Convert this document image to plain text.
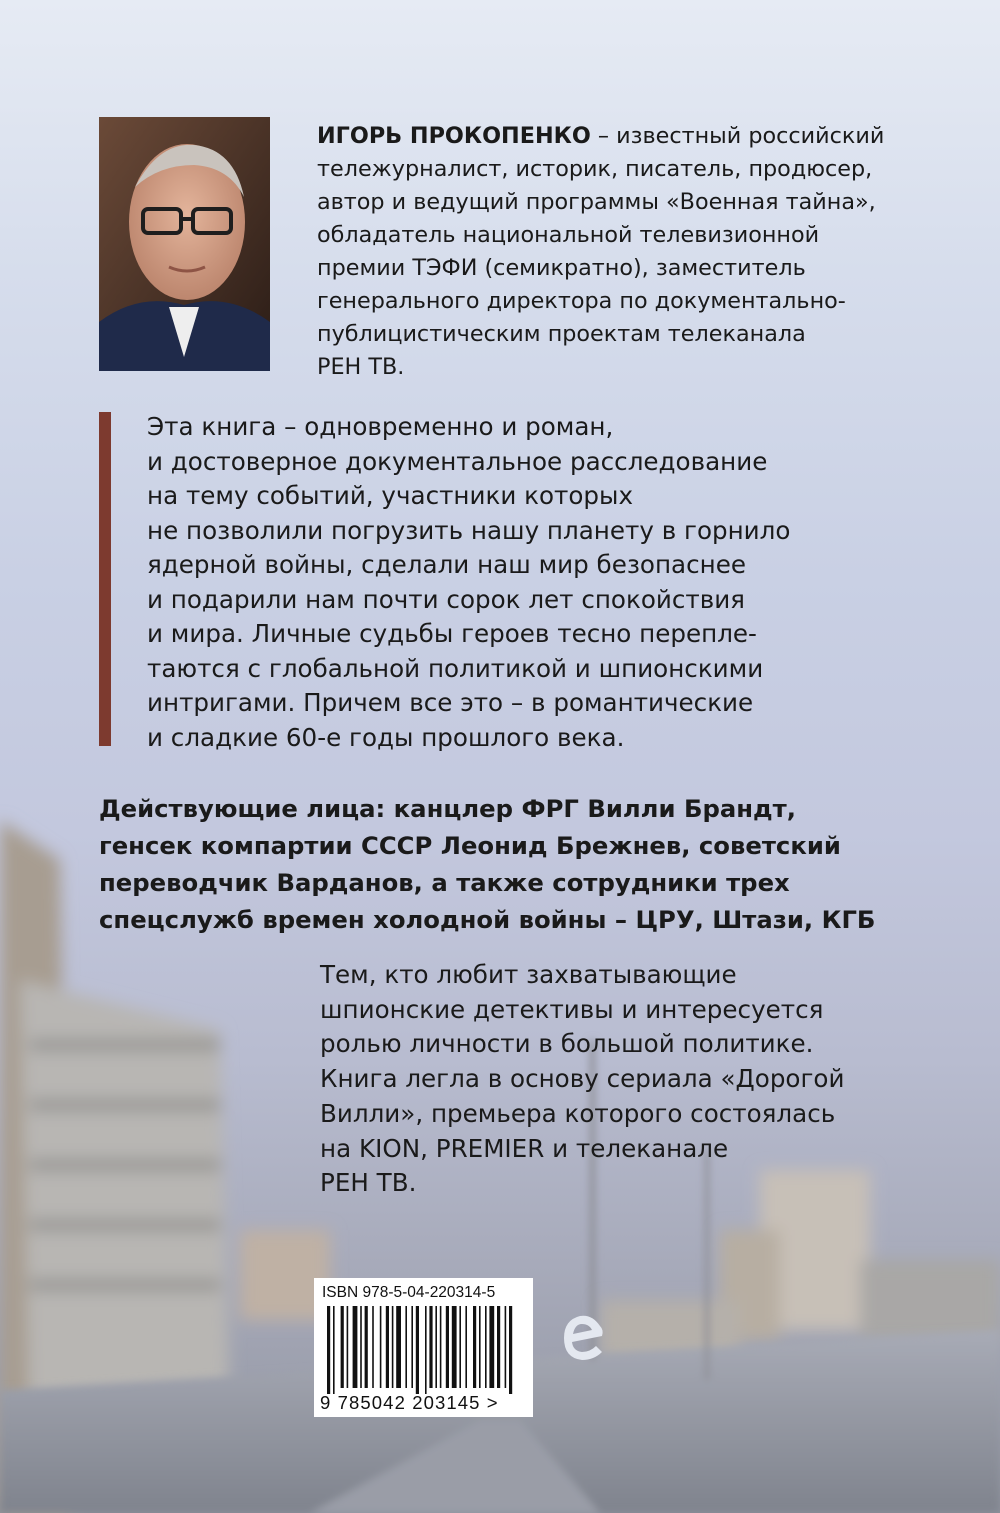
ИГОРЬ ПРОКОПЕНКО – известный российский
тележурналист, историк, писатель, продюсер,
автор и ведущий программы «Военная тайна»,
обладатель национальной телевизионной
премии ТЭФИ (семикратно), заместитель
генерального директора по документально-
публицистическим проектам телеканала
РЕН ТВ.

Эта книга – одновременно и роман,
и достоверное документальное расследование
на тему событий, участники которых
не позволили погрузить нашу планету в горнило
ядерной войны, сделали наш мир безопаснее
и подарили нам почти сорок лет спокойствия
и мира. Личные судьбы героев тесно перепле-
таются с глобальной политикой и шпионскими
интригами. Причем все это – в романтические
и сладкие 60-е годы прошлого века.

Действующие лица: канцлер ФРГ Вилли Брандт,
генсек компартии СССР Леонид Брежнев, советский
переводчик Варданов, а также сотрудники трех
спецслужб времен холодной войны – ЦРУ, Штази, КГБ

Тем, кто любит захватывающие
шпионские детективы и интересуется
ролью личности в большой политике.
Книга легла в основу сериала «Дорогой
Вилли», премьера которого состоялась
на KION, PREMIER и телеканале
РЕН ТВ.

ISBN 978-5-04-220314-5
9 785042 203145 >
